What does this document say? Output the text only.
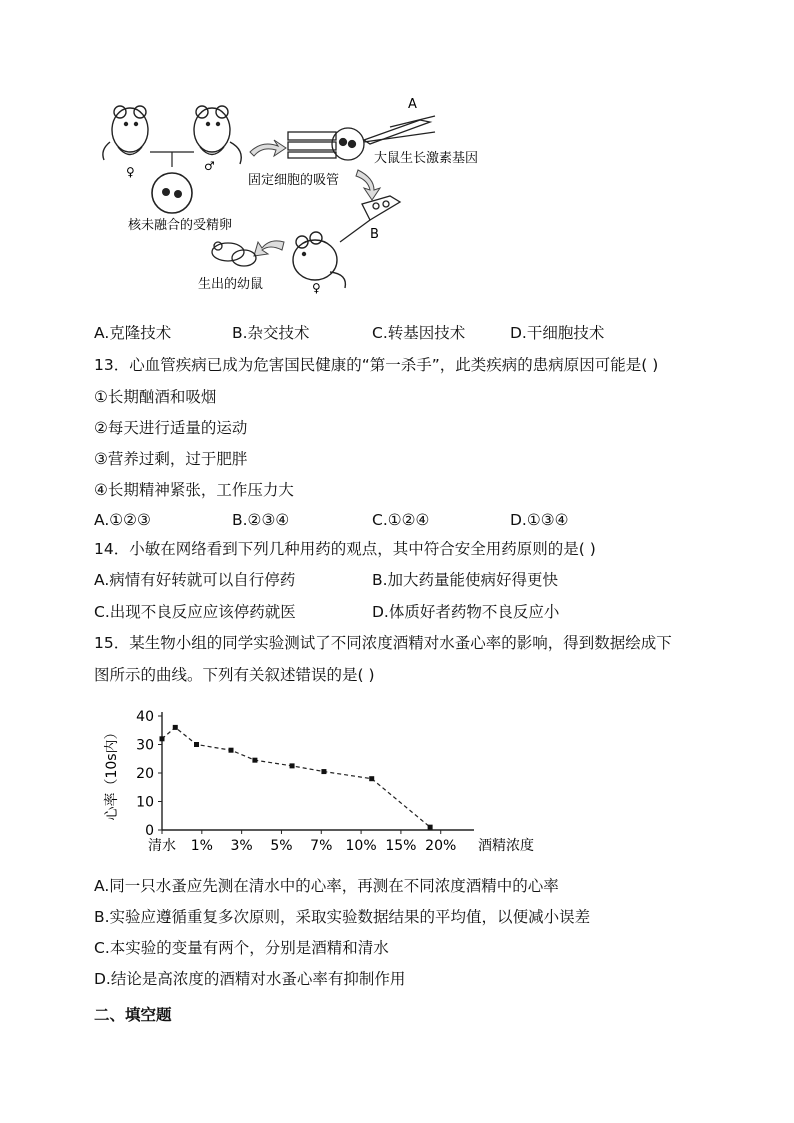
♀	♂
核未融合的受精卵
A
大鼠生长激素基因
固定细胞的吸管
B
♀
生出的幼鼠
A.克隆技术	B.杂交技术	C.转基因技术	D.干细胞技术
13．心血管疾病已成为危害国民健康的“第一杀手”，此类疾病的患病原因可能是( )
①长期酗酒和吸烟
②每天进行适量的运动
③营养过剩，过于肥胖
④长期精神紧张，工作压力大
A.①②③	B.②③④	C.①②④	D.①③④
14．小敏在网络看到下列几种用药的观点，其中符合安全用药原则的是( )
A.病情有好转就可以自行停药	B.加大药量能使病好得更快
C.出现不良反应应该停药就医	D.体质好者药物不良反应小
15．某生物小组的同学实验测试了不同浓度酒精对水蚤心率的影响，得到数据绘成下
图所示的曲线。下列有关叙述错误的是( )
0
10
20
30
40
清水 1% 3% 5% 7% 10% 15% 20%
心率（10s内）
酒精浓度
A.同一只水蚤应先测在清水中的心率，再测在不同浓度酒精中的心率
B.实验应遵循重复多次原则，采取实验数据结果的平均值，以便减小误差
C.本实验的变量有两个，分别是酒精和清水
D.结论是高浓度的酒精对水蚤心率有抑制作用
二、填空题
